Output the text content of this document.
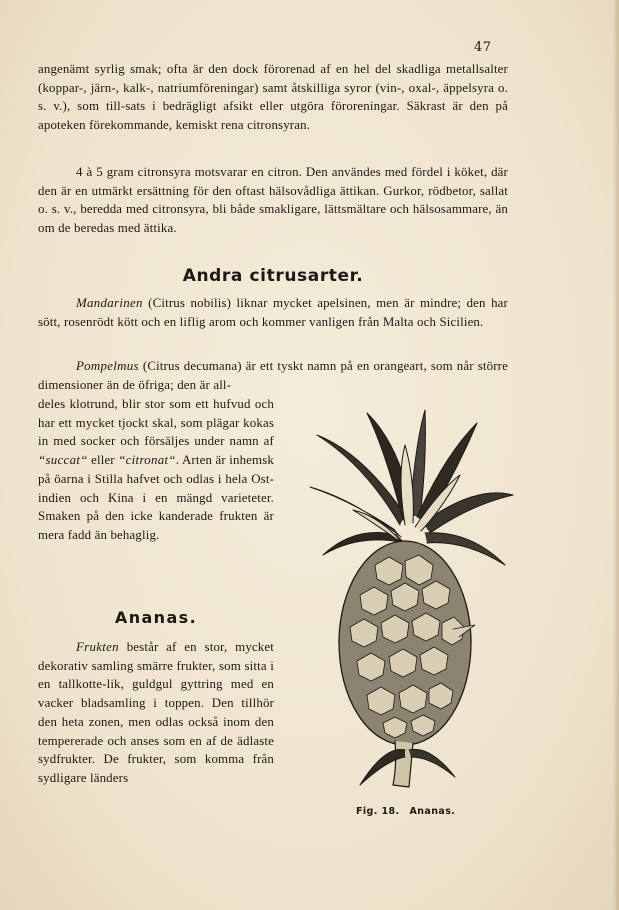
47

angenämt syrlig smak; ofta är den dock förorenad af en hel del skadliga metallsalter (koppar-, järn-, kalk-, natriumföreningar) samt åtskilliga syror (vin-, oxal-, äppelsyra o. s. v.), som till-sats i bedrägligt afsikt eller utgöra föroreningar. Säkrast är den på apoteken förekommande, kemiskt rena citronsyran.

4 à 5 gram citronsyra motsvarar en citron. Den användes med fördel i köket, där den är en utmärkt ersättning för den oftast hälsovådliga ättikan. Gurkor, rödbetor, sallat o. s. v., beredda med citronsyra, bli både smakligare, lättsmältare och hälsosammare, än om de beredas med ättika.

Andra citrusarter.

Mandarinen (Citrus nobilis) liknar mycket apelsinen, men är mindre; den har sött, rosenrödt kött och en liflig arom och kommer vanligen från Malta och Sicilien.

Pompelmus (Citrus decumana) är ett tyskt namn på en orangeart, som når större dimensioner än de öfriga; den är all-

deles klotrund, blir stor som ett hufvud och har ett mycket tjockt skal, som plägar kokas in med socker och försäljes under namn af “succat“ eller “citronat“. Arten är inhemsk på öarna i Stilla hafvet och odlas i hela Ost-indien och Kina i en mängd varieteter. Smaken på den icke kanderade frukten är mera fadd än behaglig.

Ananas.

Frukten består af en stor, mycket dekorativ samling smärre frukter, som sitta i en tallkotte-lik, guldgul gyttring med en vacker bladsamling i toppen. Den tillhör den heta zonen, men odlas också inom den tempererade och anses som en af de ädlaste sydfrukter. De frukter, som komma från sydligare länders

Fig. 18. Ananas.
